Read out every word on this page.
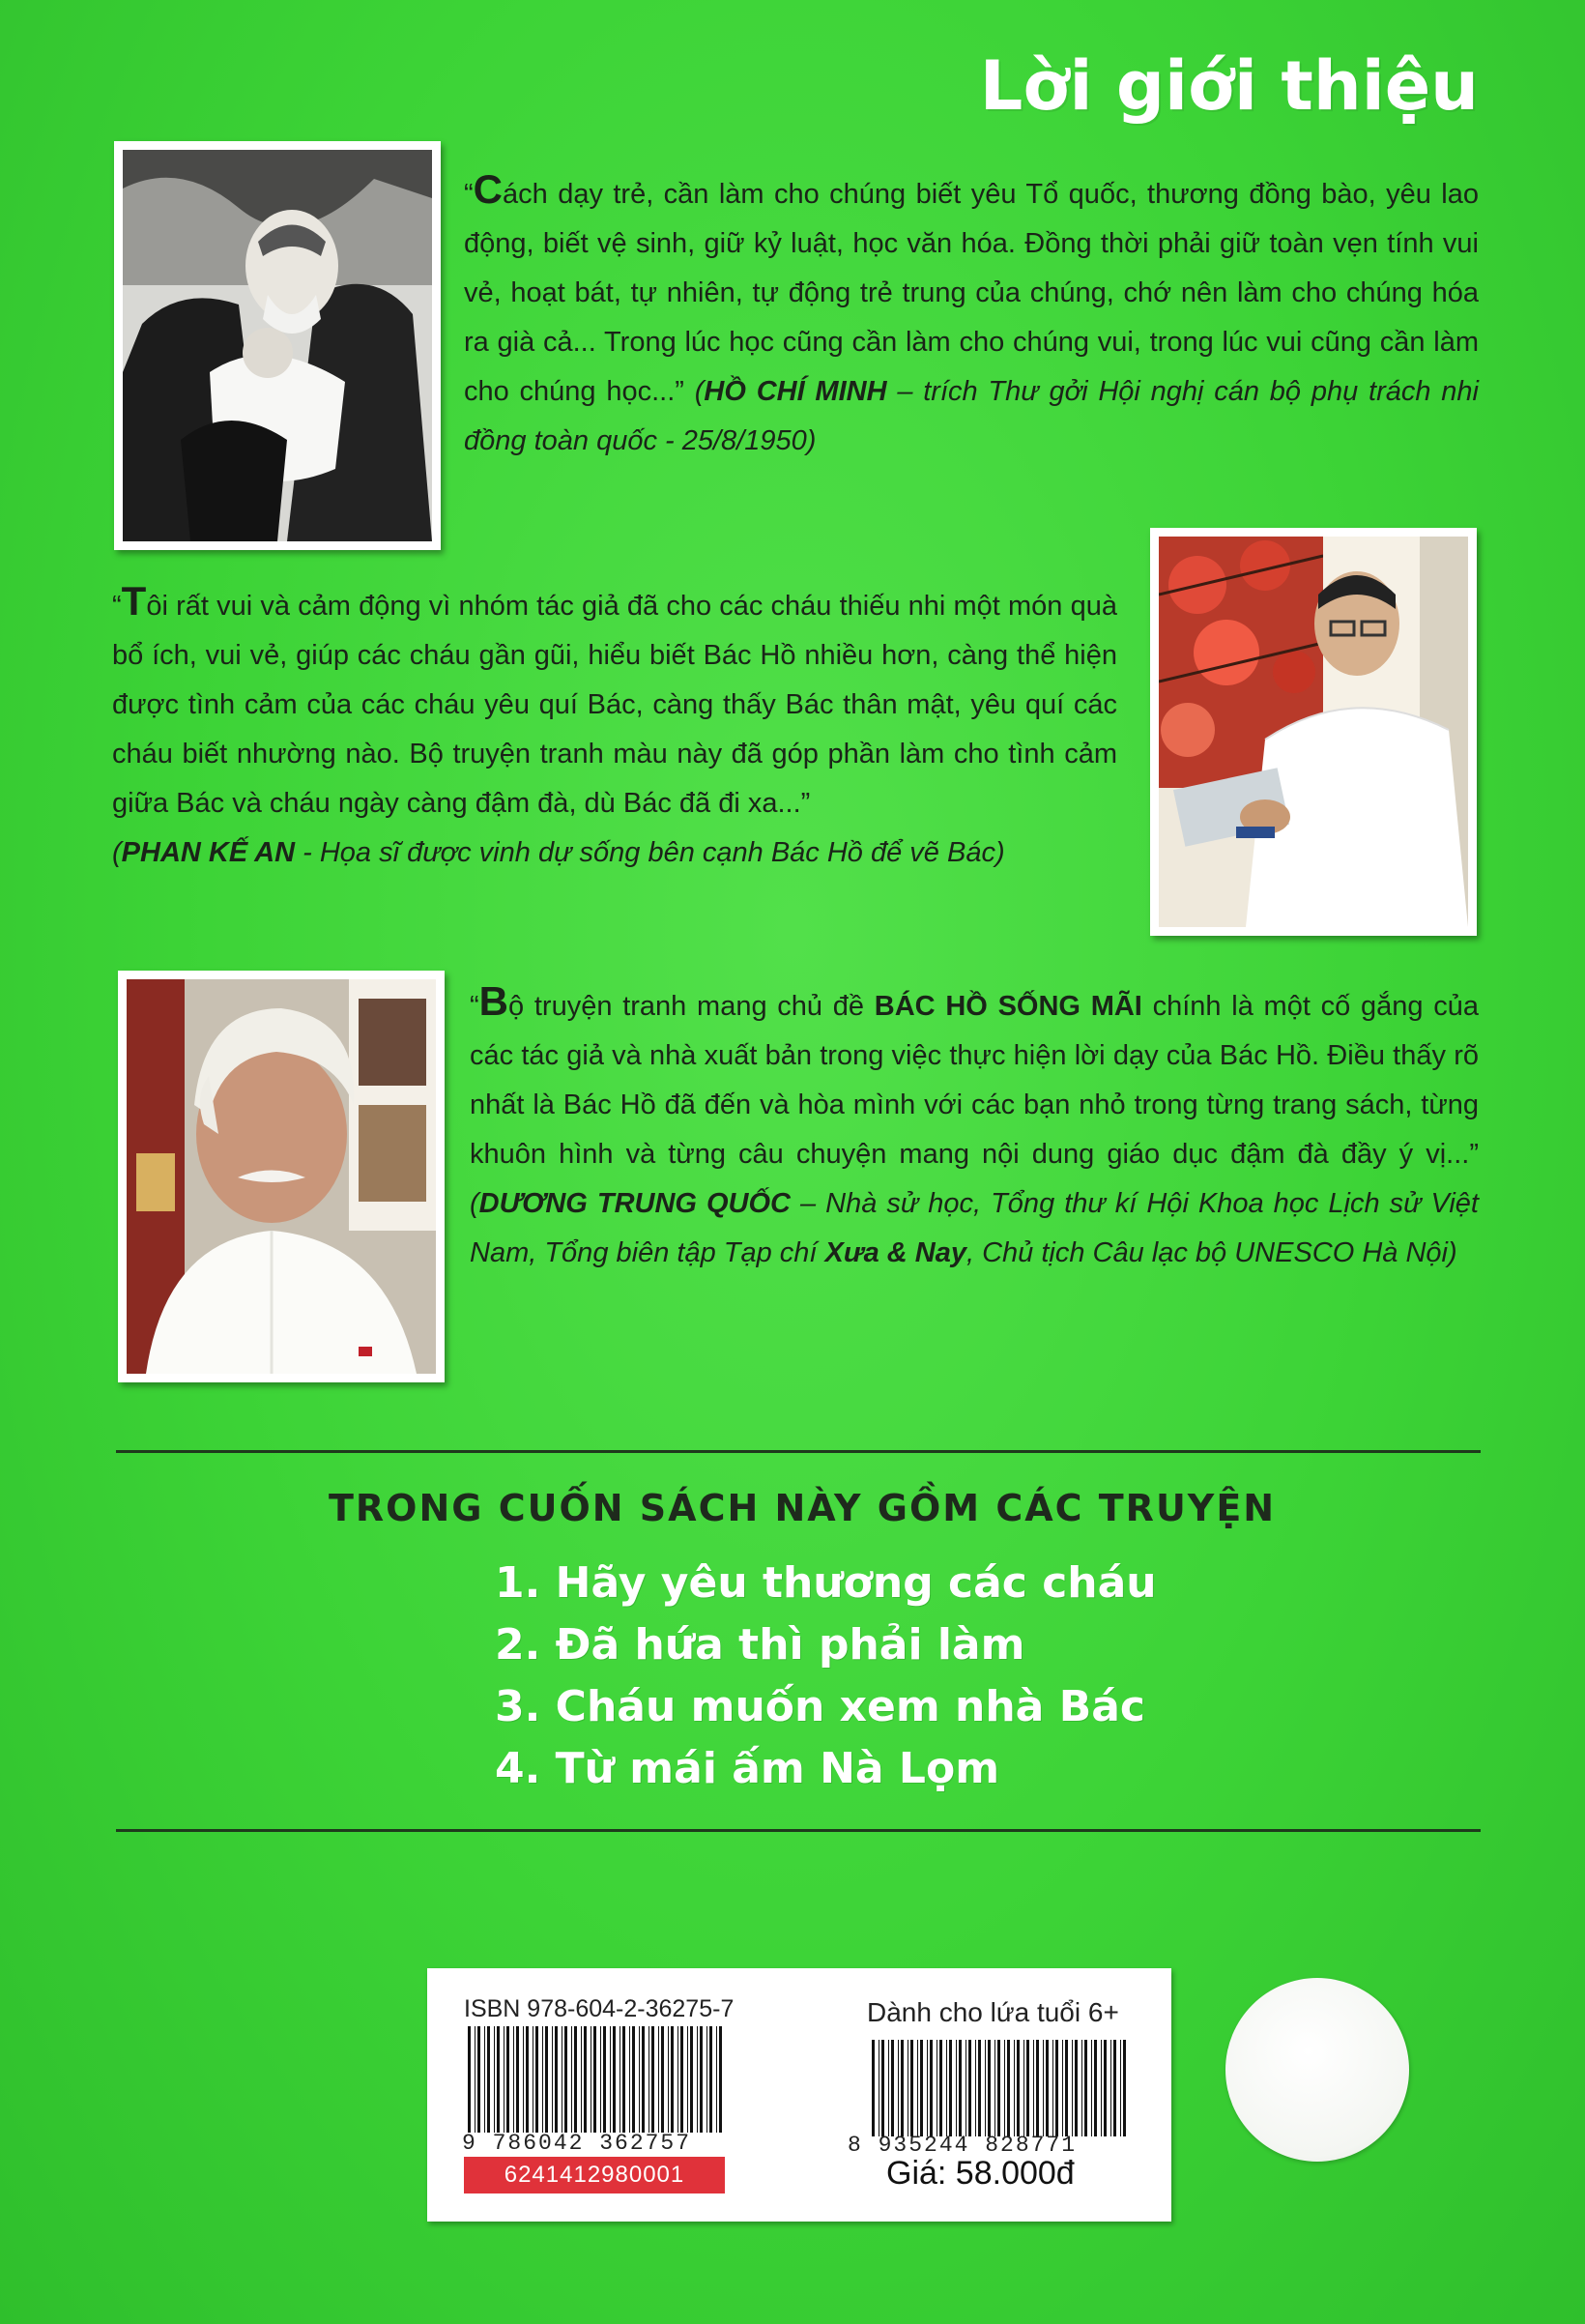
Lời giới thiệu
“Cách dạy trẻ, cần làm cho chúng biết yêu Tổ quốc, thương đồng bào, yêu lao động, biết vệ sinh, giữ kỷ luật, học văn hóa. Đồng thời phải giữ toàn vẹn tính vui vẻ, hoạt bát, tự nhiên, tự động trẻ trung của chúng, chớ nên làm cho chúng hóa ra già cả... Trong lúc học cũng cần làm cho chúng vui, trong lúc vui cũng cần làm cho chúng học...” (HỒ CHÍ MINH – trích Thư gởi Hội nghị cán bộ phụ trách nhi đồng toàn quốc - 25/8/1950)
“Tôi rất vui và cảm động vì nhóm tác giả đã cho các cháu thiếu nhi một món quà bổ ích, vui vẻ, giúp các cháu gần gũi, hiểu biết Bác Hồ nhiều hơn, càng thể hiện được tình cảm của các cháu yêu quí Bác, càng thấy Bác thân mật, yêu quí các cháu biết nhường nào. Bộ truyện tranh màu này đã góp phần làm cho tình cảm giữa Bác và cháu ngày càng đậm đà, dù Bác đã đi xa...”
(PHAN KẾ AN - Họa sĩ được vinh dự sống bên cạnh Bác Hồ để vẽ Bác)
“Bộ truyện tranh mang chủ đề BÁC HỒ SỐNG MÃI chính là một cố gắng của các tác giả và nhà xuất bản trong việc thực hiện lời dạy của Bác Hồ. Điều thấy rõ nhất là Bác Hồ đã đến và hòa mình với các bạn nhỏ trong từng trang sách, từng khuôn hình và từng câu chuyện mang nội dung giáo dục đậm đà đầy ý vị...” (DƯƠNG TRUNG QUỐC – Nhà sử học, Tổng thư kí Hội Khoa học Lịch sử Việt Nam, Tổng biên tập Tạp chí Xưa & Nay, Chủ tịch Câu lạc bộ UNESCO Hà Nội)
TRONG CUỐN SÁCH NÀY GỒM CÁC TRUYỆN
1. Hãy yêu thương các cháu
2. Đã hứa thì phải làm
3. Cháu muốn xem nhà Bác
4. Từ mái ấm Nà Lọm
ISBN 978-604-2-36275-7
9 786042 362757
6241412980001
Dành cho lứa tuổi 6+
8 935244 828771
Giá: 58.000đ
